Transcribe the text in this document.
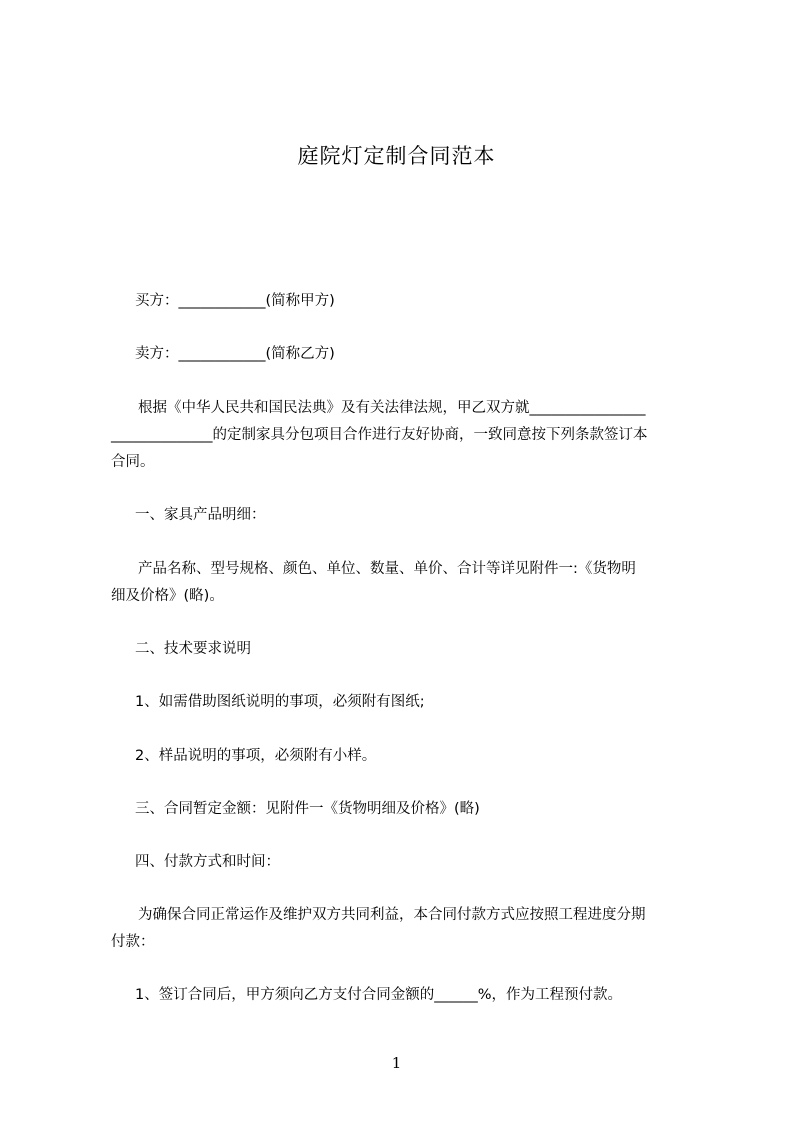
庭院灯定制合同范本
买方：____________(简称甲方)
卖方：____________(简称乙方)
根据《中华人民共和国民法典》及有关法律法规，甲乙双方就________________
______________的定制家具分包项目合作进行友好协商，一致同意按下列条款签订本
合同。
一、家具产品明细：
产品名称、型号规格、颜色、单位、数量、单价、合计等详见附件一:《货物明
细及价格》(略)。
二、技术要求说明
1、如需借助图纸说明的事项，必须附有图纸;
2、样品说明的事项，必须附有小样。
三、合同暂定金额：见附件一《货物明细及价格》(略)
四、付款方式和时间：
为确保合同正常运作及维护双方共同利益，本合同付款方式应按照工程进度分期
付款：
1、签订合同后，甲方须向乙方支付合同金额的______%，作为工程预付款。
1
